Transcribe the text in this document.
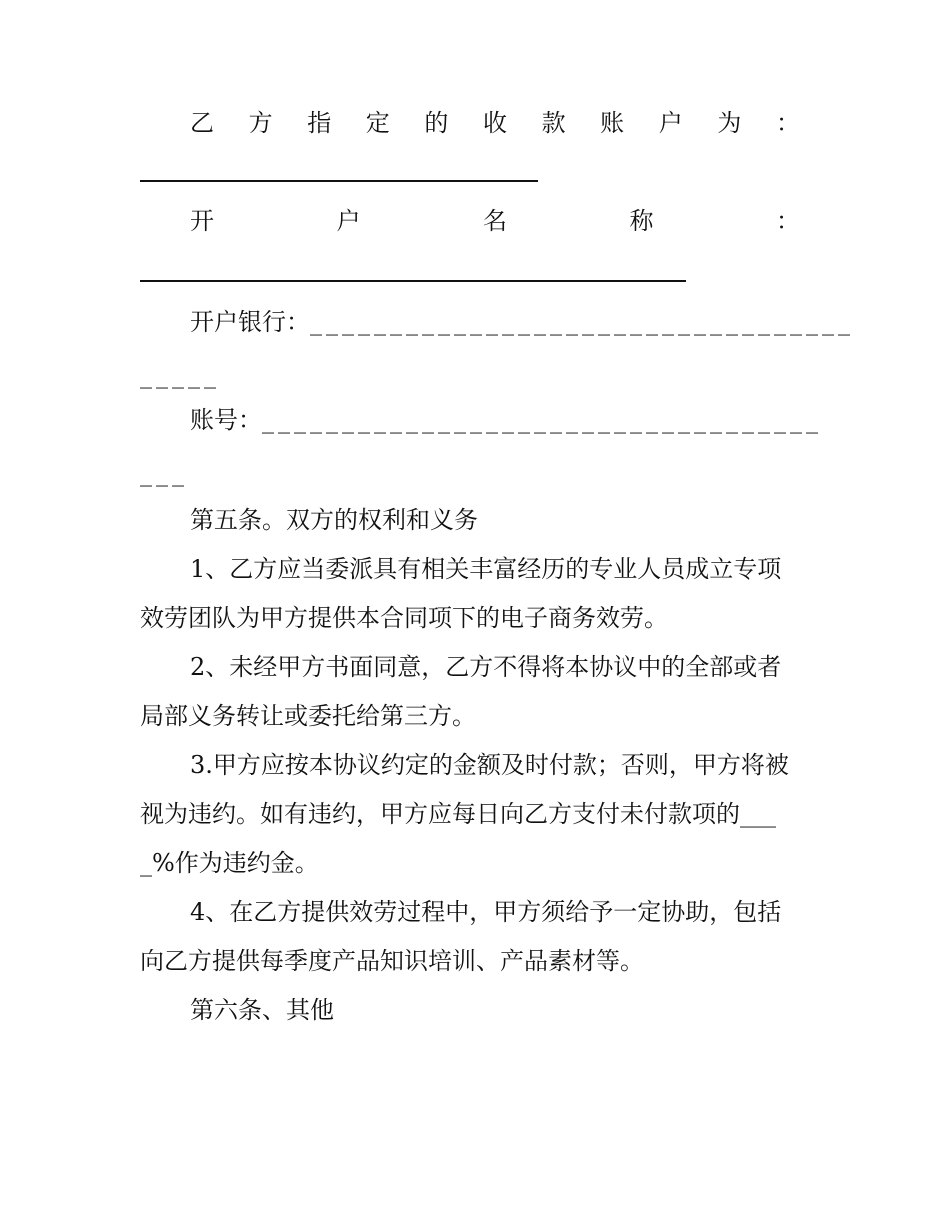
乙 方 指 定 的 收 款 账 户 为 ：
开	户	名	称	：
开户银行：__________________________________
_____
账号：___________________________________
___
第五条。双方的权利和义务
1、乙方应当委派具有相关丰富经历的专业人员成立专项
效劳团队为甲方提供本合同项下的电子商务效劳。
2、未经甲方书面同意，乙方不得将本协议中的全部或者
局部义务转让或委托给第三方。
3.甲方应按本协议约定的金额及时付款；否则，甲方将被
视为违约。如有违约，甲方应每日向乙方支付未付款项的___
_%作为违约金。
4、在乙方提供效劳过程中，甲方须给予一定协助，包括
向乙方提供每季度产品知识培训、产品素材等。
第六条、其他
